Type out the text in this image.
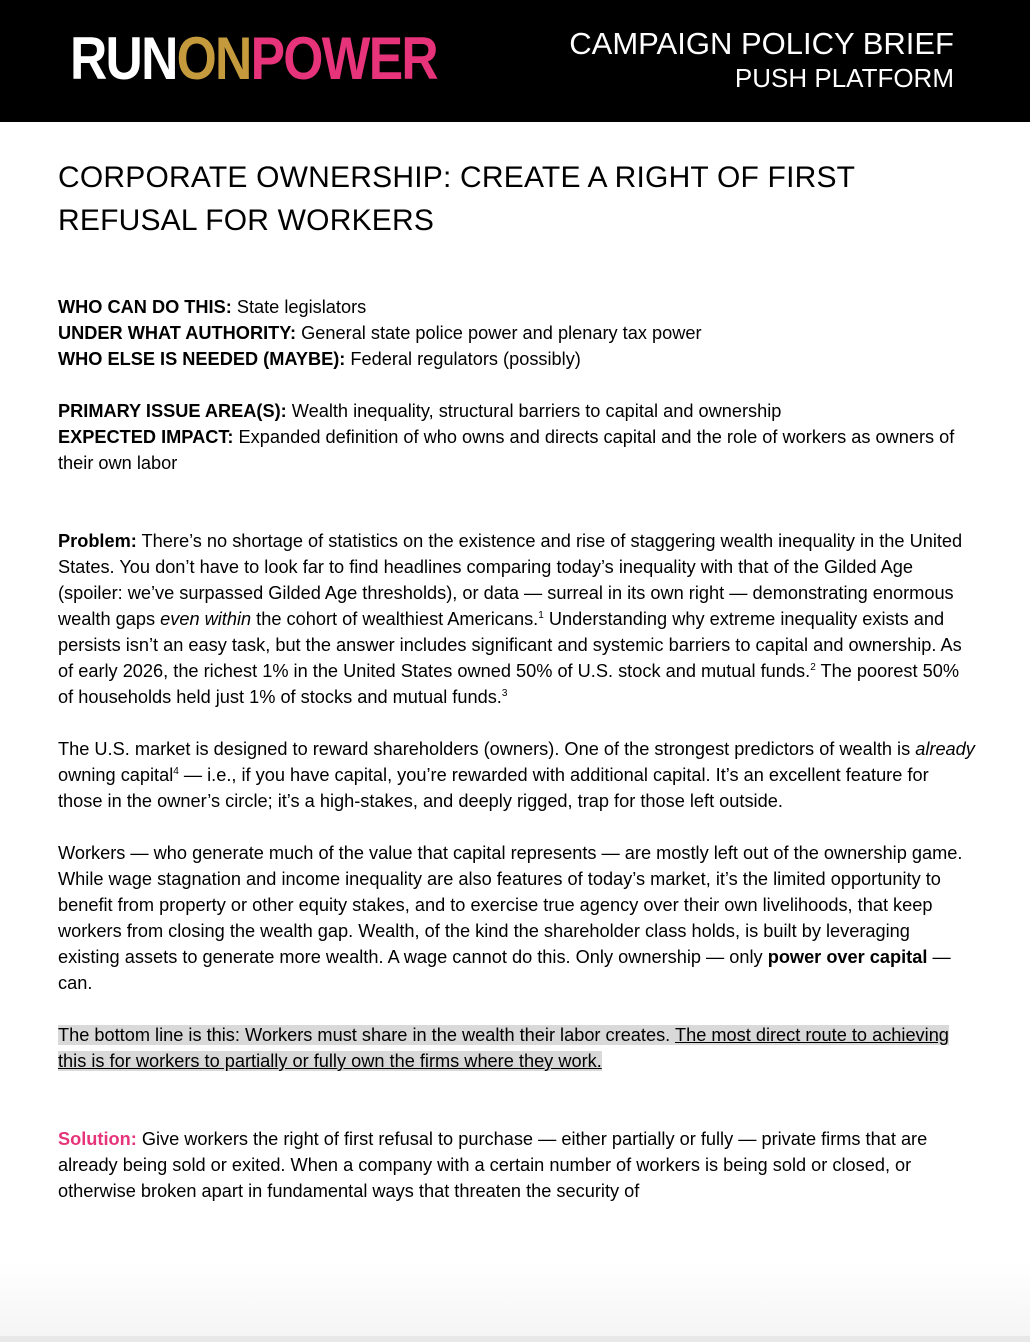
RUNONPOWER	CAMPAIGN POLICY BRIEF
PUSH PLATFORM
CORPORATE OWNERSHIP: CREATE A RIGHT OF FIRST
REFUSAL FOR WORKERS
WHO CAN DO THIS: State legislators
UNDER WHAT AUTHORITY: General state police power and plenary tax power
WHO ELSE IS NEEDED (MAYBE): Federal regulators (possibly)
PRIMARY ISSUE AREA(S): Wealth inequality, structural barriers to capital and ownership
EXPECTED IMPACT: Expanded definition of who owns and directs capital and the role of workers as owners of their own labor

Problem: There’s no shortage of statistics on the existence and rise of staggering wealth inequality in the United States. You don’t have to look far to find headlines comparing today’s inequality with that of the Gilded Age (spoiler: we’ve surpassed Gilded Age thresholds), or data — surreal in its own right — demonstrating enormous wealth gaps even within the cohort of wealthiest Americans.$^1$ Understanding why extreme inequality exists and persists isn’t an easy task, but the answer includes significant and systemic barriers to capital and ownership. As of early 2026, the richest 1% in the United States owned 50% of U.S. stock and mutual funds.$^2$ The poorest 50% of households held just 1% of stocks and mutual funds.$^3$

The U.S. market is designed to reward shareholders (owners). One of the strongest predictors of wealth is already owning capital$^4$ — i.e., if you have capital, you’re rewarded with additional capital. It’s an excellent feature for those in the owner’s circle; it’s a high-stakes, and deeply rigged, trap for those left outside.

Workers — who generate much of the value that capital represents — are mostly left out of the ownership game. While wage stagnation and income inequality are also features of today’s market, it’s the limited opportunity to benefit from property or other equity stakes, and to exercise true agency over their own livelihoods, that keep workers from closing the wealth gap. Wealth, of the kind the shareholder class holds, is built by leveraging existing assets to generate more wealth. A wage cannot do this. Only ownership — only power over capital — can.

The bottom line is this: Workers must share in the wealth their labor creates. The most direct route to achieving this is for workers to partially or fully own the firms where they work.

Solution: Give workers the right of first refusal to purchase — either partially or fully — private firms that are already being sold or exited. When a company with a certain number of workers is being sold or closed, or otherwise broken apart in fundamental ways that threaten the security of
